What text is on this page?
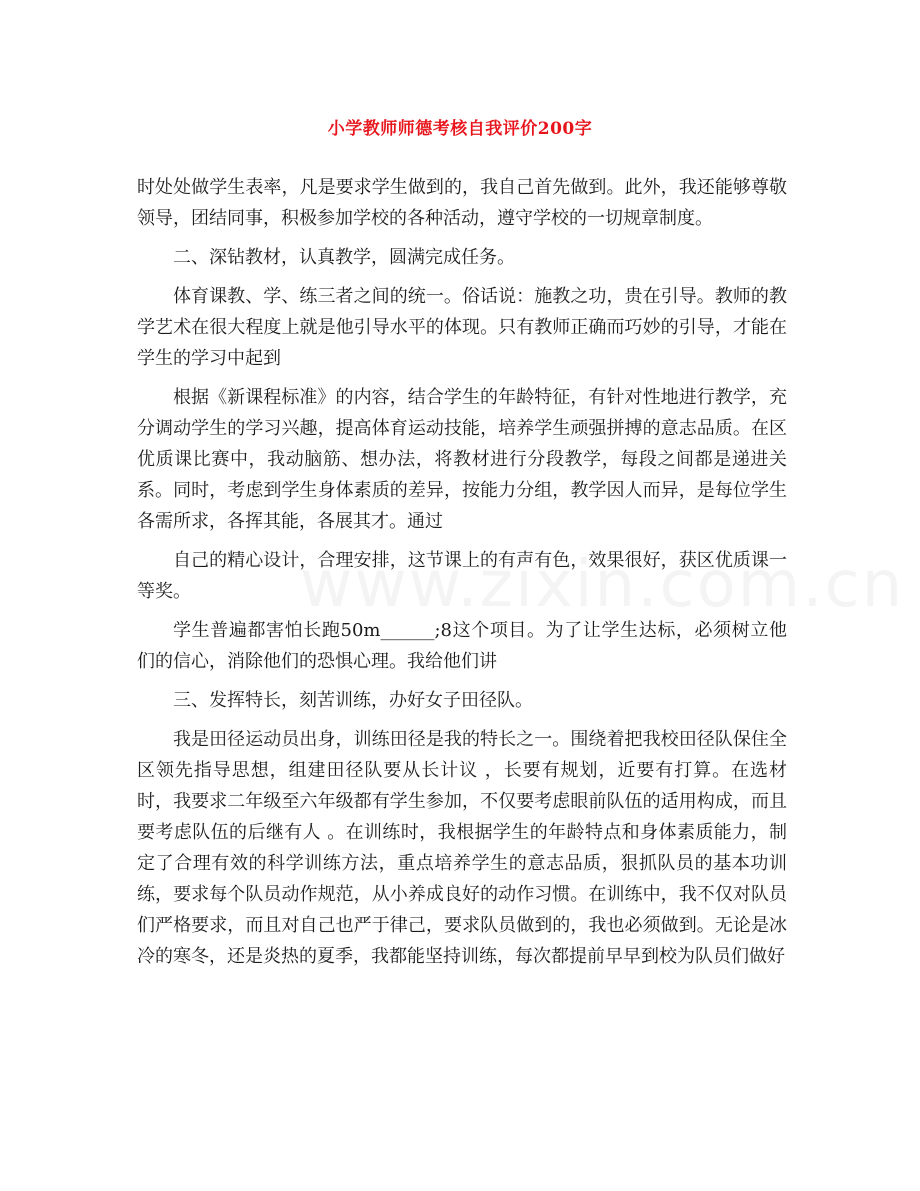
小学教师师德考核自我评价200字

时处处做学生表率，凡是要求学生做到的，我自己首先做到。此外，我还能够尊敬领导，团结同事，积极参加学校的各种活动，遵守学校的一切规章制度。

二、深钻教材，认真教学，圆满完成任务。

体育课教、学、练三者之间的统一。俗话说：施教之功，贵在引导。教师的教学艺术在很大程度上就是他引导水平的体现。只有教师正确而巧妙的引导，才能在学生的学习中起到

根据《新课程标准》的内容，结合学生的年龄特征，有针对性地进行教学，充分调动学生的学习兴趣，提高体育运动技能，培养学生顽强拼搏的意志品质。在区优质课比赛中，我动脑筋、想办法，将教材进行分段教学，每段之间都是递进关系。同时，考虑到学生身体素质的差异，按能力分组，教学因人而异，是每位学生各需所求，各挥其能，各展其才。通过

自己的精心设计，合理安排，这节课上的有声有色，效果很好，获区优质课一等奖。

学生普遍都害怕长跑50m______;8这个项目。为了让学生达标，必须树立他们的信心，消除他们的恐惧心理。我给他们讲

三、发挥特长，刻苦训练，办好女子田径队。

我是田径运动员出身，训练田径是我的特长之一。围绕着把我校田径队保住全区领先指导思想，组建田径队要从长计议 ，长要有规划，近要有打算。在选材时，我要求二年级至六年级都有学生参加，不仅要考虑眼前队伍的适用构成，而且要考虑队伍的后继有人 。在训练时，我根据学生的年龄特点和身体素质能力，制定了合理有效的科学训练方法，重点培养学生的意志品质，狠抓队员的基本功训练，要求每个队员动作规范，从小养成良好的动作习惯。在训练中，我不仅对队员们严格要求，而且对自己也严于律己，要求队员做到的，我也必须做到。无论是冰冷的寒冬，还是炎热的夏季，我都能坚持训练，每次都提前早早到校为队员们做好
